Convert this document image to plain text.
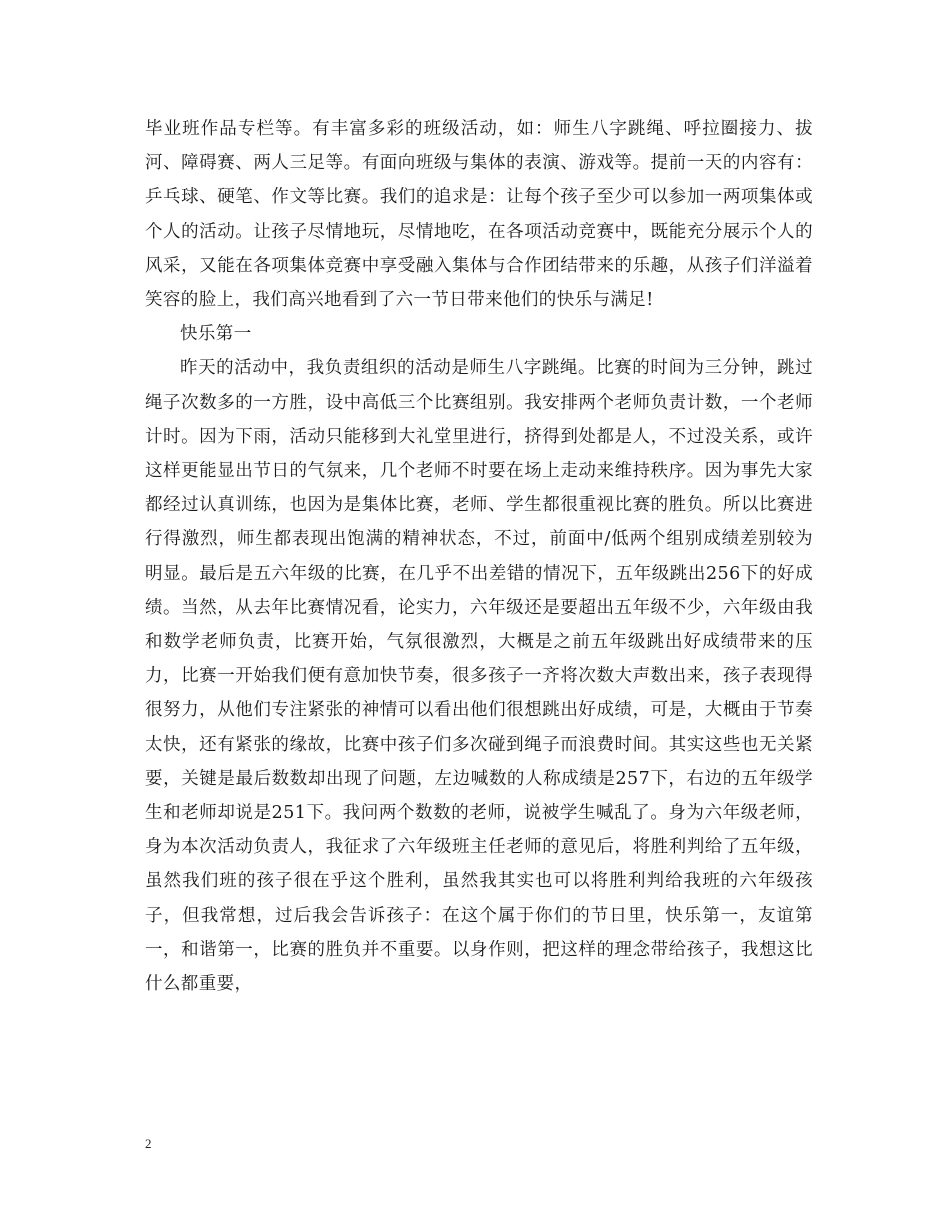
毕业班作品专栏等。有丰富多彩的班级活动，如：师生八字跳绳、呼拉圈接力、拔河、障碍赛、两人三足等。有面向班级与集体的表演、游戏等。提前一天的内容有：乒乓球、硬笔、作文等比赛。我们的追求是：让每个孩子至少可以参加一两项集体或个人的活动。让孩子尽情地玩，尽情地吃，在各项活动竞赛中，既能充分展示个人的风采，又能在各项集体竞赛中享受融入集体与合作团结带来的乐趣，从孩子们洋溢着笑容的脸上，我们高兴地看到了六一节日带来他们的快乐与满足!

快乐第一

昨天的活动中，我负责组织的活动是师生八字跳绳。比赛的时间为三分钟，跳过绳子次数多的一方胜，设中高低三个比赛组别。我安排两个老师负责计数，一个老师计时。因为下雨，活动只能移到大礼堂里进行，挤得到处都是人，不过没关系，或许这样更能显出节日的气氛来，几个老师不时要在场上走动来维持秩序。因为事先大家都经过认真训练，也因为是集体比赛，老师、学生都很重视比赛的胜负。所以比赛进行得激烈，师生都表现出饱满的精神状态，不过，前面中/低两个组别成绩差别较为明显。最后是五六年级的比赛，在几乎不出差错的情况下，五年级跳出256下的好成绩。当然，从去年比赛情况看，论实力，六年级还是要超出五年级不少，六年级由我和数学老师负责，比赛开始，气氛很激烈，大概是之前五年级跳出好成绩带来的压力，比赛一开始我们便有意加快节奏，很多孩子一齐将次数大声数出来，孩子表现得很努力，从他们专注紧张的神情可以看出他们很想跳出好成绩，可是，大概由于节奏太快，还有紧张的缘故，比赛中孩子们多次碰到绳子而浪费时间。其实这些也无关紧要，关键是最后数数却出现了问题，左边喊数的人称成绩是257下，右边的五年级学生和老师却说是251下。我问两个数数的老师，说被学生喊乱了。身为六年级老师，身为本次活动负责人，我征求了六年级班主任老师的意见后，将胜利判给了五年级，虽然我们班的孩子很在乎这个胜利，虽然我其实也可以将胜利判给我班的六年级孩子，但我常想，过后我会告诉孩子：在这个属于你们的节日里，快乐第一，友谊第一，和谐第一，比赛的胜负并不重要。以身作则，把这样的理念带给孩子，我想这比什么都重要，

2
